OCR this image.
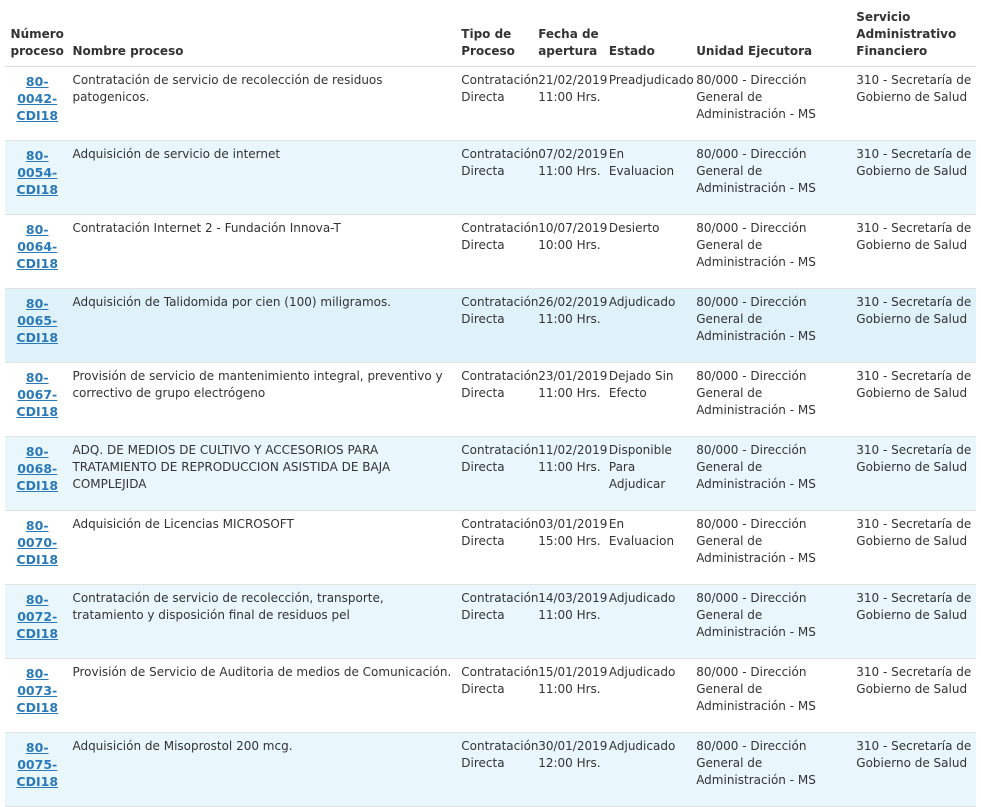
Número proceso	Nombre proceso	Tipo de Proceso	Fecha de apertura	Estado	Unidad Ejecutora	Servicio Administrativo Financiero
80-0042-CDI18	Contratación de servicio de recolección de residuos patogenicos.	Contratación Directa	21/02/2019 11:00 Hrs.	Preadjudicado	80/000 - Dirección General de Administración - MS	310 - Secretaría de Gobierno de Salud
80-0054-CDI18	Adquisición de servicio de internet	Contratación Directa	07/02/2019 11:00 Hrs.	En Evaluacion	80/000 - Dirección General de Administración - MS	310 - Secretaría de Gobierno de Salud
80-0064-CDI18	Contratación Internet 2 - Fundación Innova-T	Contratación Directa	10/07/2019 10:00 Hrs.	Desierto	80/000 - Dirección General de Administración - MS	310 - Secretaría de Gobierno de Salud
80-0065-CDI18	Adquisición de Talidomida por cien (100) miligramos.	Contratación Directa	26/02/2019 11:00 Hrs.	Adjudicado	80/000 - Dirección General de Administración - MS	310 - Secretaría de Gobierno de Salud
80-0067-CDI18	Provisión de servicio de mantenimiento integral, preventivo y correctivo de grupo electrógeno	Contratación Directa	23/01/2019 11:00 Hrs.	Dejado Sin Efecto	80/000 - Dirección General de Administración - MS	310 - Secretaría de Gobierno de Salud
80-0068-CDI18	ADQ. DE MEDIOS DE CULTIVO Y ACCESORIOS PARA TRATAMIENTO DE REPRODUCCION ASISTIDA DE BAJA COMPLEJIDA	Contratación Directa	11/02/2019 11:00 Hrs.	Disponible Para Adjudicar	80/000 - Dirección General de Administración - MS	310 - Secretaría de Gobierno de Salud
80-0070-CDI18	Adquisición de Licencias MICROSOFT	Contratación Directa	03/01/2019 15:00 Hrs.	En Evaluacion	80/000 - Dirección General de Administración - MS	310 - Secretaría de Gobierno de Salud
80-0072-CDI18	Contratación de servicio de recolección, transporte, tratamiento y disposición final de residuos pel	Contratación Directa	14/03/2019 11:00 Hrs.	Adjudicado	80/000 - Dirección General de Administración - MS	310 - Secretaría de Gobierno de Salud
80-0073-CDI18	Provisión de Servicio de Auditoria de medios de Comunicación.	Contratación Directa	15/01/2019 11:00 Hrs.	Adjudicado	80/000 - Dirección General de Administración - MS	310 - Secretaría de Gobierno de Salud
80-0075-CDI18	Adquisición de Misoprostol 200 mcg.	Contratación Directa	30/01/2019 12:00 Hrs.	Adjudicado	80/000 - Dirección General de Administración - MS	310 - Secretaría de Gobierno de Salud
